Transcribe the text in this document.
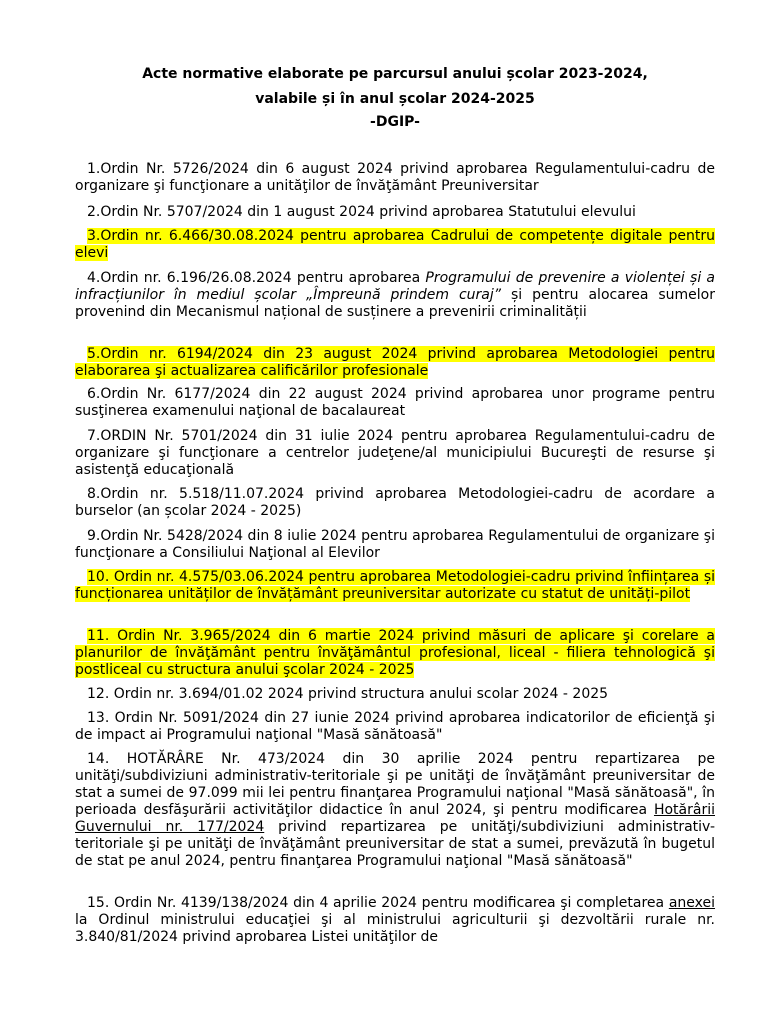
Acte normative elaborate pe parcursul anului școlar 2023-2024,
valabile și în anul școlar 2024-2025
-DGIP-
1.Ordin Nr. 5726/2024 din 6 august 2024 privind aprobarea Regulamentului-cadru de organizare şi funcţionare a unităţilor de învăţământ Preuniversitar
2.Ordin Nr. 5707/2024 din 1 august 2024 privind aprobarea Statutului elevului
3.Ordin nr. 6.466/30.08.2024 pentru aprobarea Cadrului de competențe digitale pentru elevi
4.Ordin nr. 6.196/26.08.2024 pentru aprobarea Programului de prevenire a violenței și a infracțiunilor în mediul școlar „Împreună prindem curaj” și pentru alocarea sumelor provenind din Mecanismul național de susținere a prevenirii criminalității
5.Ordin nr. 6194/2024 din 23 august 2024 privind aprobarea Metodologiei pentru elaborarea şi actualizarea calificărilor profesionale
6.Ordin Nr. 6177/2024 din 22 august 2024 privind aprobarea unor programe pentru susţinerea examenului naţional de bacalaureat
7.ORDIN Nr. 5701/2024 din 31 iulie 2024 pentru aprobarea Regulamentului-cadru de organizare şi funcţionare a centrelor judeţene/al municipiului Bucureşti de resurse şi asistenţă educaţională
8.Ordin nr. 5.518/11.07.2024 privind aprobarea Metodologiei-cadru de acordare a burselor (an școlar 2024 - 2025)
9.Ordin Nr. 5428/2024 din 8 iulie 2024 pentru aprobarea Regulamentului de organizare şi funcţionare a Consiliului Naţional al Elevilor
10. Ordin nr. 4.575/03.06.2024 pentru aprobarea Metodologiei-cadru privind înființarea și funcționarea unităților de învățământ preuniversitar autorizate cu statut de unități-pilot
11. Ordin Nr. 3.965/2024 din 6 martie 2024 privind măsuri de aplicare şi corelare a planurilor de învăţământ pentru învăţământul profesional, liceal - filiera tehnologică şi postliceal cu structura anului şcolar 2024 - 2025
12. Ordin nr. 3.694/01.02 2024 privind structura anului scolar 2024 - 2025
13. Ordin Nr. 5091/2024 din 27 iunie 2024 privind aprobarea indicatorilor de eficienţă şi de impact ai Programului naţional "Masă sănătoasă"
14. HOTĂRÂRE Nr. 473/2024 din 30 aprilie 2024 pentru repartizarea pe unităţi/subdiviziuni administrativ-teritoriale şi pe unităţi de învăţământ preuniversitar de stat a sumei de 97.099 mii lei pentru finanţarea Programului naţional "Masă sănătoasă", în perioada desfăşurării activităţilor didactice în anul 2024, şi pentru modificarea Hotărârii Guvernului nr. 177/2024 privind repartizarea pe unităţi/subdiviziuni administrativ-teritoriale şi pe unităţi de învăţământ preuniversitar de stat a sumei, prevăzută în bugetul de stat pe anul 2024, pentru finanţarea Programului naţional "Masă sănătoasă"
15. Ordin Nr. 4139/138/2024 din 4 aprilie 2024 pentru modificarea şi completarea anexei la Ordinul ministrului educaţiei şi al ministrului agriculturii şi dezvoltării rurale nr. 3.840/81/2024 privind aprobarea Listei unităţilor de
